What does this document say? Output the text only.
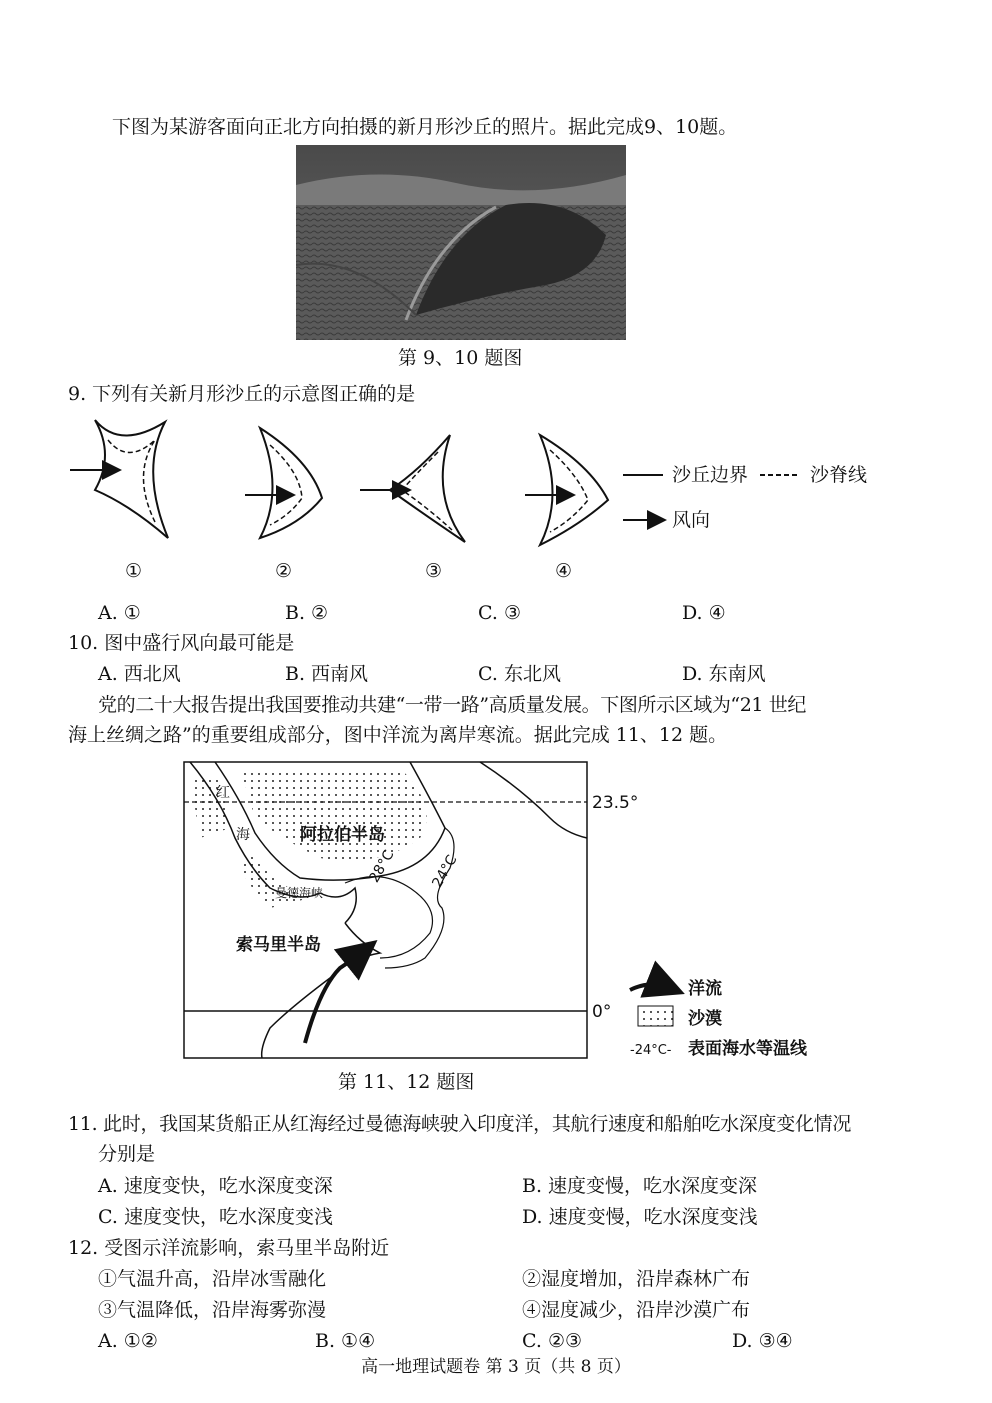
下图为某游客面向正北方向拍摄的新月形沙丘的照片。据此完成9、10题。
第 9、10 题图
9. 下列有关新月形沙丘的示意图正确的是
①	②	③	④
沙丘边界	沙脊线
风向
A. ①	B. ②	C. ③	D. ④
10. 图中盛行风向最可能是
A. 西北风	B. 西南风	C. 东北风	D. 东南风
党的二十大报告提出我国要推动共建“一带一路”高质量发展。下图所示区域为“21 世纪
海上丝绸之路”的重要组成部分，图中洋流为离岸寒流。据此完成 11、12 题。
红
海	阿拉伯半岛
曼德海峡
索马里半岛
28°C	24°C
23.5°
0°
洋流
沙漠
-24°C- 表面海水等温线
第 11、12 题图
11. 此时，我国某货船正从红海经过曼德海峡驶入印度洋，其航行速度和船舶吃水深度变化情况
分别是
A. 速度变快，吃水深度变深	B. 速度变慢，吃水深度变深
C. 速度变快，吃水深度变浅	D. 速度变慢，吃水深度变浅
12. 受图示洋流影响，索马里半岛附近
①气温升高，沿岸冰雪融化	②湿度增加，沿岸森林广布
③气温降低，沿岸海雾弥漫	④湿度减少，沿岸沙漠广布
A. ①②	B. ①④	C. ②③	D. ③④
高一地理试题卷 第 3 页（共 8 页）
